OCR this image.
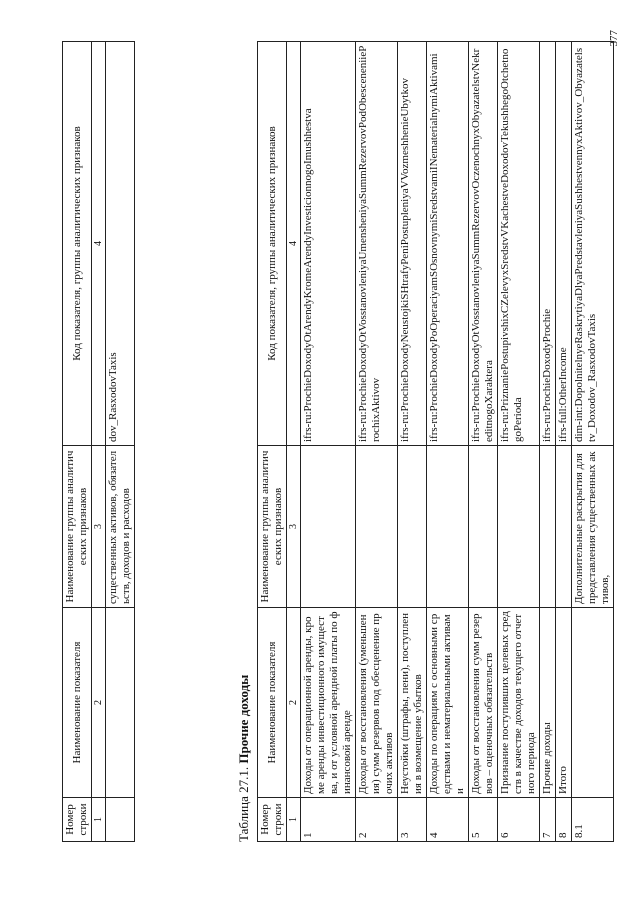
377
Номер строки	Наименование показателя	Наименование группы аналитических признаков	Код показателя, группы аналитических признаков
1	2	3	4
		существенных активов, обязательств, доходов и расходов	dov_RasxodovTaxis
Таблица 27.1. Прочие доходы
Номер строки	Наименование показателя	Наименование группы аналитических признаков	Код показателя, группы аналитических признаков
1	2	3	4
1	Доходы от операционной аренды, кроме аренды инвестиционного имущества, и от условной арендной платы по финансовой аренде		ifrs-ru:ProchieDoxodyOtArendyKromeArendyInvesticionnogoImushhestva
2	Доходы от восстановления (уменьшения) сумм резервов под обесценение прочих активов		ifrs-ru:ProchieDoxodyOtVosstanovleniyaUmensheniyaSummRezervovPodObesceneniieProchixAktivov
3	Неустойки (штрафы, пени), поступления в возмещение убытков		ifrs-ru:ProchieDoxodyNeustojkiSHtrafyPeniPostupleniyaVVozmeshhenieUbytkov
4	Доходы по операциям с основными средствами и нематериальными активами		ifrs-ru:ProchieDoxodyPoOperaciyamSOsnovnymiSredstvamiINematerialnymiAktivami
5	Доходы от восстановления сумм резервов – оценочных обязательств		ifrs-ru:ProchieDoxodyOtVosstanovleniyaSummRezervovOczenochnyxObyazatelstvNekreditnogoXaraktera
6	Признание поступивших целевых средств в качестве доходов текущего отчетного периода		ifrs-ru:PriznaniePostupivshixCZelevyxSredstvVKachestveDoxodovTekushhegoOtchetnogoPerioda
7	Прочие доходы		ifrs-ru:ProchieDoxodyProchie
8	Итого		ifrs-full:OtherIncome
8.1		Дополнительные раскрытия для представления существенных активов,	dim-int:DopolnitelnyeRaskrytiyaDlyaPredstavleniyaSushhestvennyxAktivov_Obyazatelstv_Doxodov_RasxodovTaxis
